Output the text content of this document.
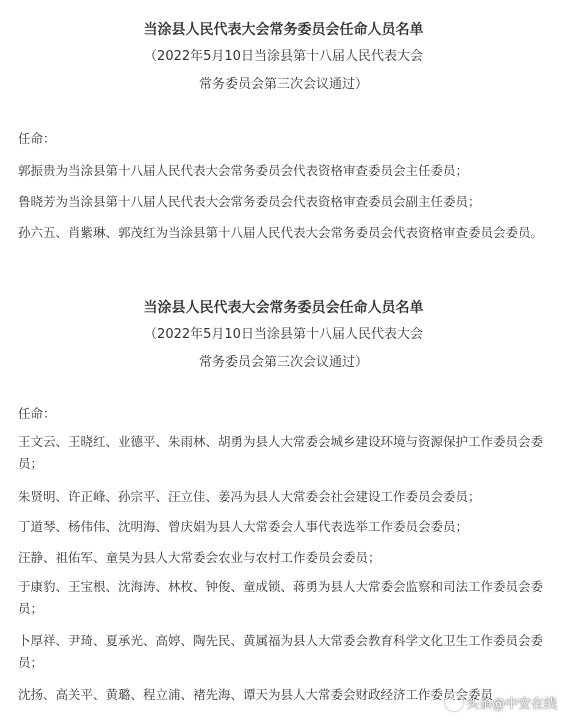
当涂县人民代表大会常务委员会任命人员名单
（2022年5月10日当涂县第十八届人民代表大会
常务委员会第三次会议通过）
任命：
郭振贵为当涂县第十八届人民代表大会常务委员会代表资格审查委员会主任委员；
鲁晓芳为当涂县第十八届人民代表大会常务委员会代表资格审查委员会副主任委员；
孙六五、肖紫琳、郭茂红为当涂县第十八届人民代表大会常务委员会代表资格审查委员会委员。
当涂县人民代表大会常务委员会任命人员名单
（2022年5月10日当涂县第十八届人民代表大会
常务委员会第三次会议通过）
任命：
王文云、王晓红、业德平、朱雨林、胡勇为县人大常委会城乡建设环境与资源保护工作委员会委员；
朱贤明、许正峰、孙宗平、汪立佳、姜冯为县人大常委会社会建设工作委员会委员；
丁道琴、杨伟伟、沈明海、曾庆娟为县人大常委会人事代表选举工作委员会委员；
汪静、祖佑军、童昊为县人大常委会农业与农村工作委员会委员；
于康豹、王宝根、沈海涛、林枚、钟俊、童成锁、蒋勇为县人大常委会监察和司法工作委员会委员；
卜厚祥、尹琦、夏承光、高婷、陶先民、黄属福为县人大常委会教育科学文化卫生工作委员会委员；
沈扬、高关平、黄璐、程立浦、褚先海、谭天为县人大常委会财政经济工作委员会委员
头条@中安在线
